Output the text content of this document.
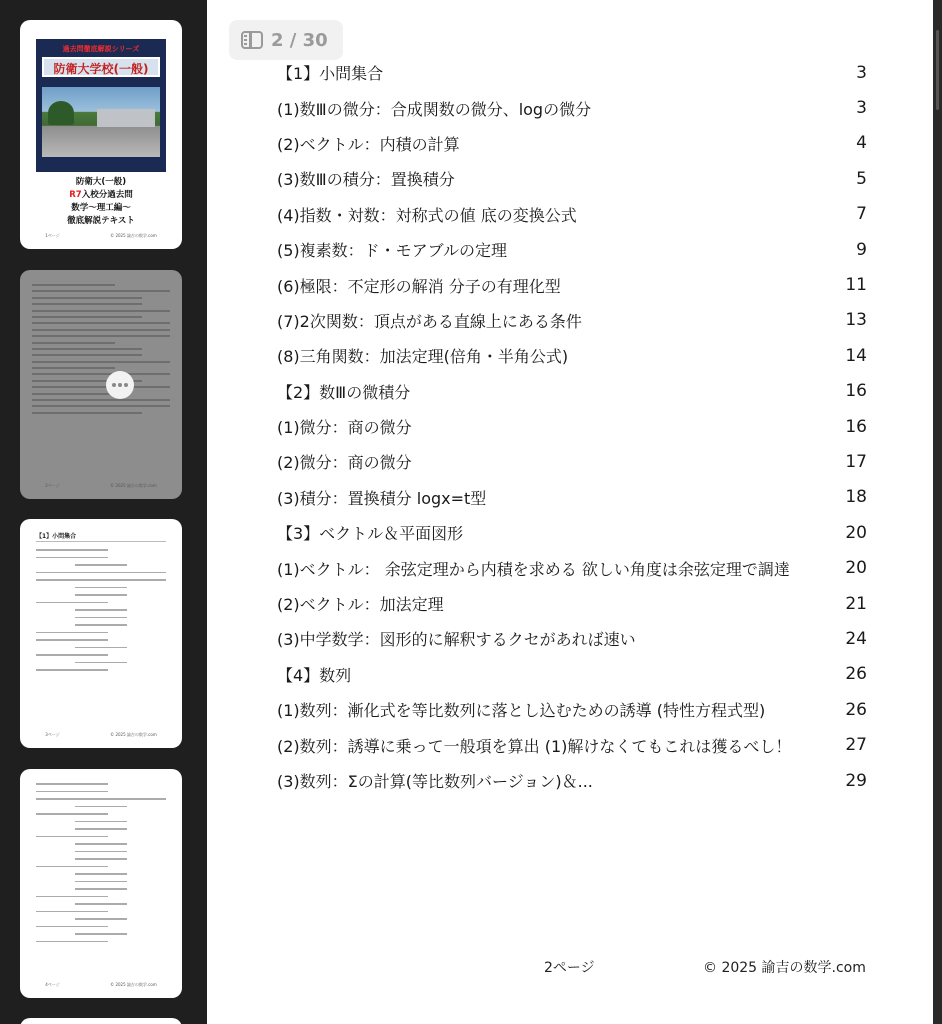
過去問徹底解説シリーズ
防衛大学校(一般)
防衛大(一般)
R7入校分過去問
数学〜理工編〜
徹底解説テキスト
1ページ	© 2025 諭吉の数学.com
2ページ	© 2025 諭吉の数学.com
【1】小問集合
3ページ	© 2025 諭吉の数学.com
4ページ	© 2025 諭吉の数学.com
2 / 30
【1】小問集合	3
(1)数Ⅲの微分：合成関数の微分、logの微分	3
(2)ベクトル：内積の計算	4
(3)数Ⅲの積分：置換積分	5
(4)指数・対数：対称式の値 底の変換公式	7
(5)複素数：ド・モアブルの定理	9
(6)極限：不定形の解消 分子の有理化型	11
(7)2次関数：頂点がある直線上にある条件	13
(8)三角関数：加法定理(倍角・半角公式)	14
【2】数Ⅲの微積分	16
(1)微分：商の微分	16
(2)微分：商の微分	17
(3)積分：置換積分 logx=t型	18
【3】ベクトル＆平面図形	20
(1)ベクトル： 余弦定理から内積を求める 欲しい角度は余弦定理で調達	20
(2)ベクトル：加法定理	21
(3)中学数学：図形的に解釈するクセがあれば速い	24
【4】数列	26
(1)数列：漸化式を等比数列に落とし込むための誘導 (特性方程式型)	26
(2)数列：誘導に乗って一般項を算出 (1)解けなくてもこれは獲るべし！	27
(3)数列：Σの計算(等比数列バージョン)＆...	29
2ページ	© 2025 諭吉の数学.com
